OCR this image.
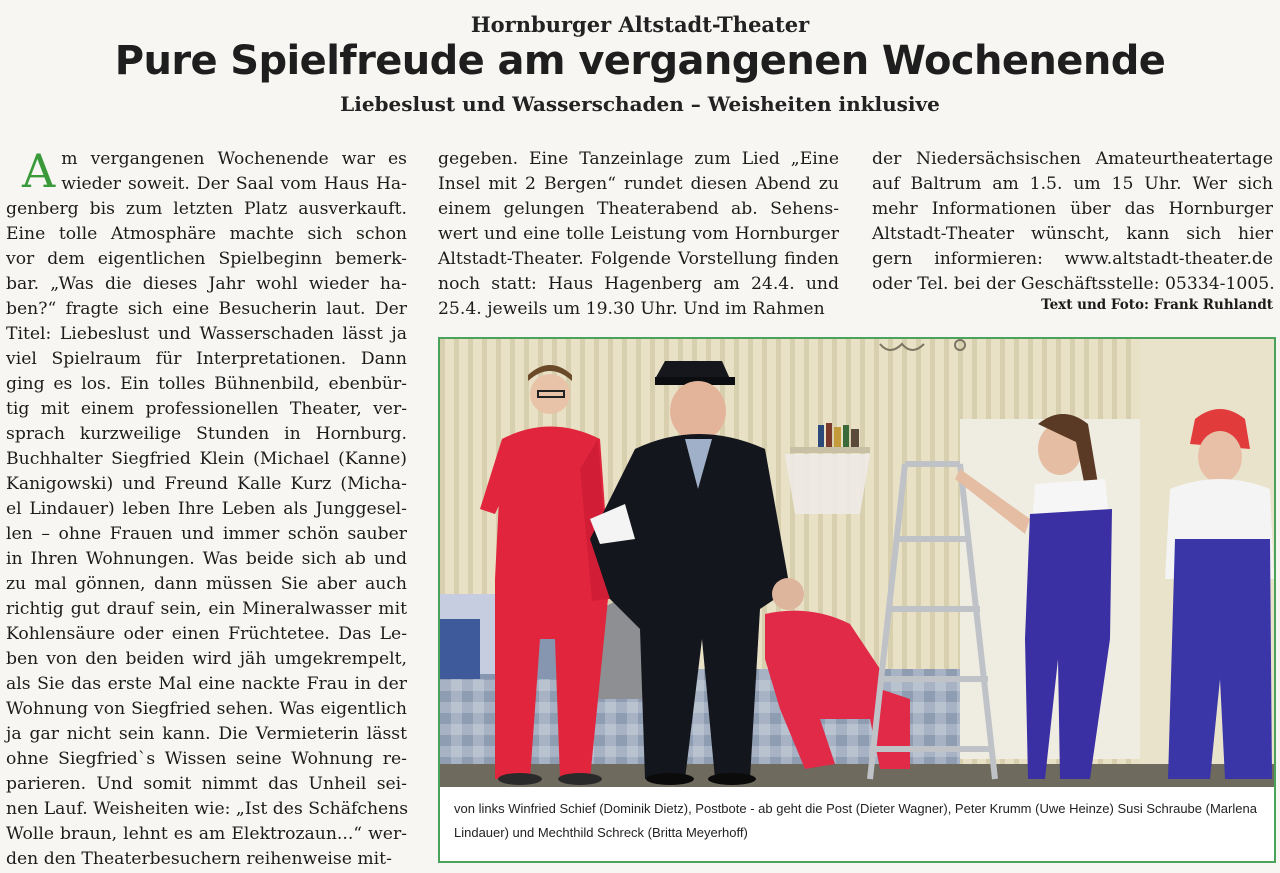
Hornburger Altstadt-Theater
Pure Spielfreude am vergangenen Wochenende
Liebeslust und Wasserschaden – Weisheiten inklusive
A m vergangenen Wochenende war es
wieder soweit. Der Saal vom Haus Ha-
genberg bis zum letzten Platz ausverkauft.
Eine tolle Atmosphäre machte sich schon
vor dem eigentlichen Spielbeginn bemerk-
bar. „Was die dieses Jahr wohl wieder ha-
ben?“ fragte sich eine Besucherin laut. Der
Titel: Liebeslust und Wasserschaden lässt ja
viel Spielraum für Interpretationen. Dann
ging es los. Ein tolles Bühnenbild, ebenbür-
tig mit einem professionellen Theater, ver-
sprach kurzweilige Stunden in Hornburg.
Buchhalter Siegfried Klein (Michael (Kanne)
Kanigowski) und Freund Kalle Kurz (Micha-
el Lindauer) leben Ihre Leben als Junggesel-
len – ohne Frauen und immer schön sauber
in Ihren Wohnungen. Was beide sich ab und
zu mal gönnen, dann müssen Sie aber auch
richtig gut drauf sein, ein Mineralwasser mit
Kohlensäure oder einen Früchtetee. Das Le-
ben von den beiden wird jäh umgekrempelt,
als Sie das erste Mal eine nackte Frau in der
Wohnung von Siegfried sehen. Was eigentlich
ja gar nicht sein kann. Die Vermieterin lässt
ohne Siegfried`s Wissen seine Wohnung re-
parieren. Und somit nimmt das Unheil sei-
nen Lauf. Weisheiten wie: „Ist des Schäfchens
Wolle braun, lehnt es am Elektrozaun...“ wer-
den den Theaterbesuchern reihenweise mit-
gegeben. Eine Tanzeinlage zum Lied „Eine
Insel mit 2 Bergen“ rundet diesen Abend zu
einem gelungen Theaterabend ab. Sehens-
wert und eine tolle Leistung vom Hornburger
Altstadt-Theater. Folgende Vorstellung finden
noch statt: Haus Hagenberg am 24.4. und
25.4. jeweils um 19.30 Uhr. Und im Rahmen
der Niedersächsischen Amateurtheatertage
auf Baltrum am 1.5. um 15 Uhr. Wer sich
mehr Informationen über das Hornburger
Altstadt-Theater wünscht, kann sich hier
gern informieren: www.altstadt-theater.de
oder Tel. bei der Geschäftsstelle: 05334-1005.
Text und Foto: Frank Ruhlandt
von links Winfried Schief (Dominik Dietz), Postbote - ab geht die Post (Dieter Wagner), Peter Krumm (Uwe Heinze) Susi Schraube (Marlena Lindauer) und Mechthild Schreck (Britta Meyerhoff)
